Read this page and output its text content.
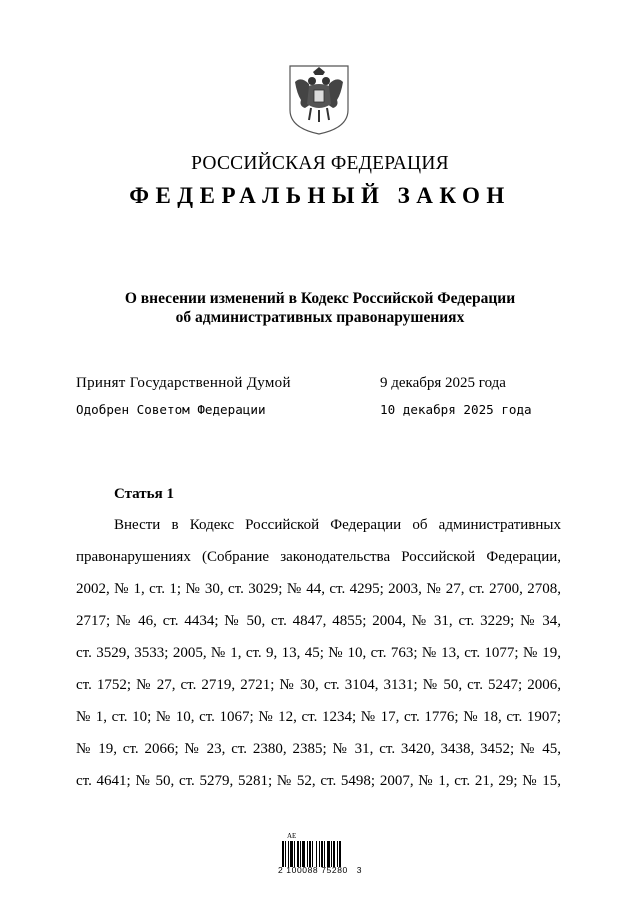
РОССИЙСКАЯ ФЕДЕРАЦИЯ
ФЕДЕРАЛЬНЫЙ ЗАКОН
О внесении изменений в Кодекс Российской Федерации
об административных правонарушениях
Принят Государственной Думой	9 декабря 2025 года
Одобрен Советом Федерации	10 декабря 2025 года
Статья 1
Внести в Кодекс Российской Федерации об административных
правонарушениях (Собрание законодательства Российской Федерации,
2002, № 1, ст. 1; № 30, ст. 3029; № 44, ст. 4295; 2003, № 27, ст. 2700, 2708,
2717; № 46, ст. 4434; № 50, ст. 4847, 4855; 2004, № 31, ст. 3229; № 34,
ст. 3529, 3533; 2005, № 1, ст. 9, 13, 45; № 10, ст. 763; № 13, ст. 1077; № 19,
ст. 1752; № 27, ст. 2719, 2721; № 30, ст. 3104, 3131; № 50, ст. 5247; 2006,
№ 1, ст. 10; № 10, ст. 1067; № 12, ст. 1234; № 17, ст. 1776; № 18, ст. 1907;
№ 19, ст. 2066; № 23, ст. 2380, 2385; № 31, ст. 3420, 3438, 3452; № 45,
ст. 4641; № 50, ст. 5279, 5281; № 52, ст. 5498; 2007, № 1, ст. 21, 29; № 15,
AE
2 100088 75280   3
